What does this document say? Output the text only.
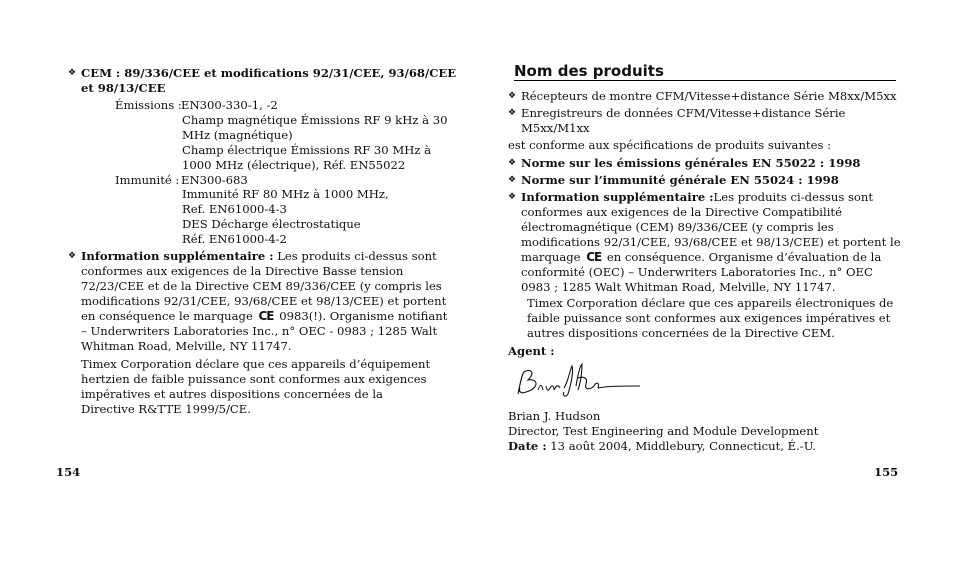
❖ CEM : 89/336/CEE et modifications 92/31/CEE, 93/68/CEE et 98/13/CEE
Émissions :EN300-330-1, -2
Champ magnétique Émissions RF 9 kHz à 30
MHz (magnétique)
Champ électrique Émissions RF 30 MHz à
1000 MHz (électrique), Réf. EN55022
Immunité : EN300-683
Immunité RF 80 MHz à 1000 MHz,
Ref. EN61000-4-3
DES Décharge électrostatique
Réf. EN61000-4-2
❖ Information supplémentaire : Les produits ci-dessus sont conformes aux exigences de la Directive Basse tension 72/23/CEE et de la Directive CEM 89/336/CEE (y compris les modifications 92/31/CEE, 93/68/CEE et 98/13/CEE) et portent en conséquence le marquage CE 0983(!). Organisme notifiant – Underwriters Laboratories Inc., n° OEC - 0983 ; 1285 Walt Whitman Road, Melville, NY 11747.
Timex Corporation déclare que ces appareils d’équipement hertzien de faible puissance sont conformes aux exigences impératives et autres dispositions concernées de la Directive R&TTE 1999/5/CE.
154
Nom des produits
❖ Récepteurs de montre CFM/Vitesse+distance Série M8xx/M5xx
❖ Enregistreurs de données CFM/Vitesse+distance Série M5xx/M1xx
est conforme aux spécifications de produits suivantes :
❖ Norme sur les émissions générales EN 55022 : 1998
❖ Norme sur l’immunité générale EN 55024 : 1998
❖ Information supplémentaire :Les produits ci-dessus sont conformes aux exigences de la Directive Compatibilité électromagnétique (CEM) 89/336/CEE (y compris les modifications 92/31/CEE, 93/68/CEE et 98/13/CEE) et portent le marquage CE en conséquence. Organisme d’évaluation de la conformité (OEC) – Underwriters Laboratories Inc., n° OEC 0983 ; 1285 Walt Whitman Road, Melville, NY 11747.
Timex Corporation déclare que ces appareils électroniques de faible puissance sont conformes aux exigences impératives et autres dispositions concernées de la Directive CEM.
Agent :
Brian J. Hudson
Director, Test Engineering and Module Development
Date : 13 août 2004, Middlebury, Connecticut, É.-U.
155
